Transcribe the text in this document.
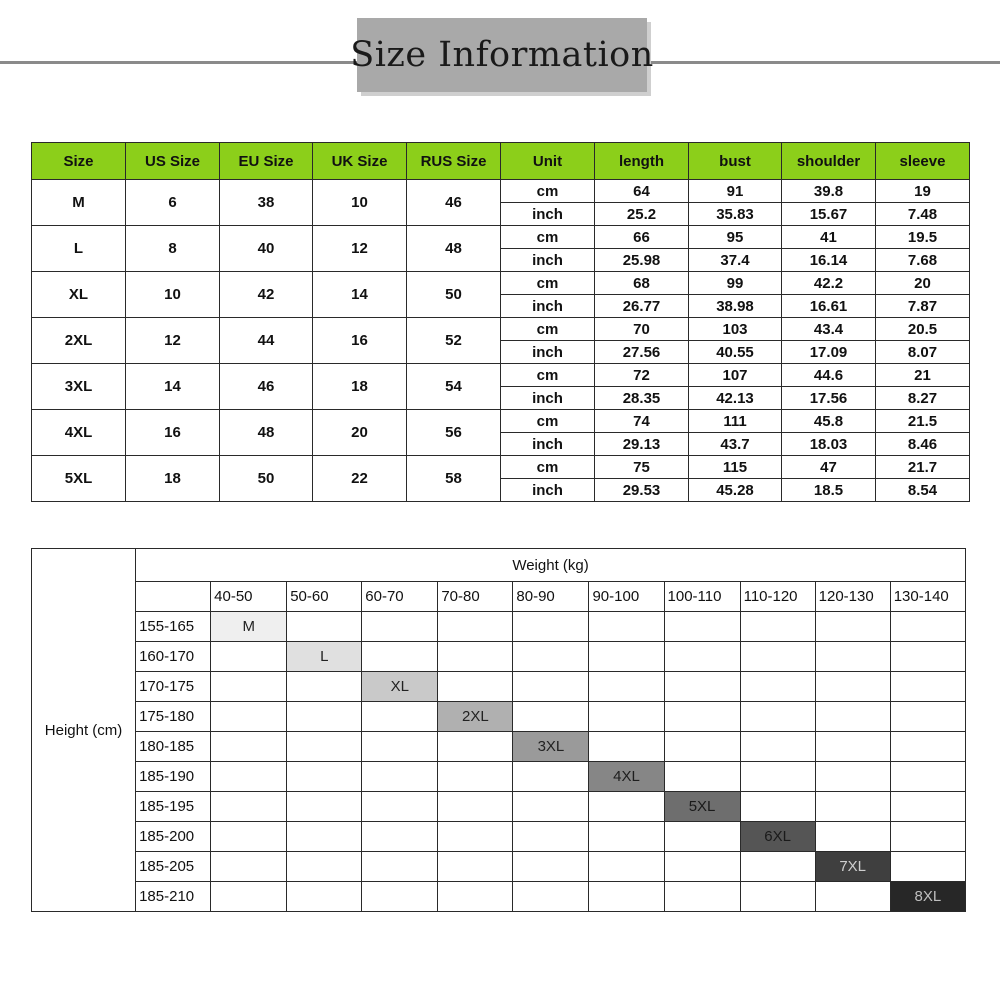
Size Information
Size	US Size	EU Size	UK Size	RUS Size	Unit	length	bust	shoulder	sleeve
M	6	38	10	46	cm	64	91	39.8	19
					inch	25.2	35.83	15.67	7.48
L	8	40	12	48	cm	66	95	41	19.5
					inch	25.98	37.4	16.14	7.68
XL	10	42	14	50	cm	68	99	42.2	20
					inch	26.77	38.98	16.61	7.87
2XL	12	44	16	52	cm	70	103	43.4	20.5
					inch	27.56	40.55	17.09	8.07
3XL	14	46	18	54	cm	72	107	44.6	21
					inch	28.35	42.13	17.56	8.27
4XL	16	48	20	56	cm	74	111	45.8	21.5
					inch	29.13	43.7	18.03	8.46
5XL	18	50	22	58	cm	75	115	47	21.7
					inch	29.53	45.28	18.5	8.54
Height (cm)	Weight (kg)										
		40-50	50-60	60-70	70-80	80-90	90-100	100-110	110-120	120-130	130-140
	155-165	M									
	160-170		L								
	170-175			XL							
	175-180				2XL						
	180-185					3XL					
	185-190						4XL				
	185-195							5XL			
	185-200								6XL		
	185-205									7XL	
	185-210										8XL
